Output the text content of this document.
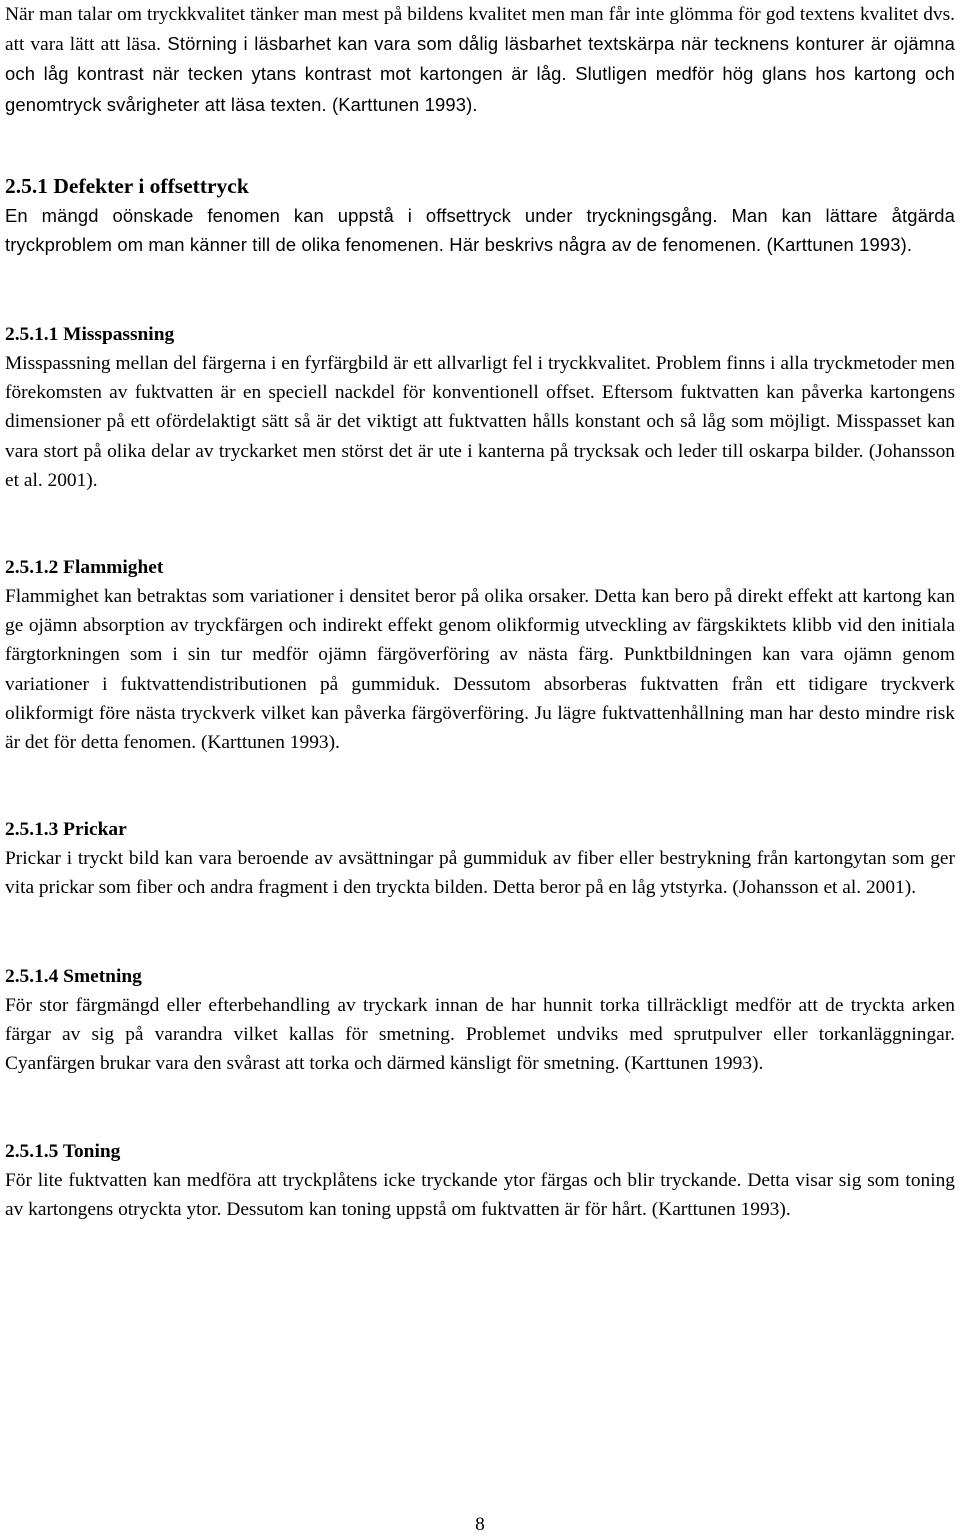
När man talar om tryckkvalitet tänker man mest på bildens kvalitet men man får inte glömma för god textens kvalitet dvs. att vara lätt att läsa. Störning i läsbarhet kan vara som dålig läsbarhet textskärpa när tecknens konturer är ojämna och låg kontrast när tecken ytans kontrast mot kartongen är låg. Slutligen medför hög glans hos kartong och genomtryck svårigheter att läsa texten. (Karttunen 1993).

2.5.1 Defekter i offsettryck

En mängd oönskade fenomen kan uppstå i offsettryck under tryckningsgång. Man kan lättare åtgärda tryckproblem om man känner till de olika fenomenen. Här beskrivs några av de fenomenen. (Karttunen 1993).

2.5.1.1 Misspassning

Misspassning mellan del färgerna i en fyrfärgbild är ett allvarligt fel i tryckkvalitet. Problem finns i alla tryckmetoder men förekomsten av fuktvatten är en speciell nackdel för konventionell offset. Eftersom fuktvatten kan påverka kartongens dimensioner på ett ofördelaktigt sätt så är det viktigt att fuktvatten hålls konstant och så låg som möjligt. Misspasset kan vara stort på olika delar av tryckarket men störst det är ute i kanterna på trycksak och leder till oskarpa bilder. (Johansson et al. 2001).

2.5.1.2 Flammighet

Flammighet kan betraktas som variationer i densitet beror på olika orsaker. Detta kan bero på direkt effekt att kartong kan ge ojämn absorption av tryckfärgen och indirekt effekt genom olikformig utveckling av färgskiktets klibb vid den initiala färgtorkningen som i sin tur medför ojämn färgöverföring av nästa färg. Punktbildningen kan vara ojämn genom variationer i fuktvattendistributionen på gummiduk. Dessutom absorberas fuktvatten från ett tidigare tryckverk olikformigt före nästa tryckverk vilket kan påverka färgöverföring. Ju lägre fuktvattenhållning man har desto mindre risk är det för detta fenomen. (Karttunen 1993).

2.5.1.3 Prickar

Prickar i tryckt bild kan vara beroende av avsättningar på gummiduk av fiber eller bestrykning från kartongytan som ger vita prickar som fiber och andra fragment i den tryckta bilden. Detta beror på en låg ytstyrka. (Johansson et al. 2001).

2.5.1.4 Smetning

För stor färgmängd eller efterbehandling av tryckark innan de har hunnit torka tillräckligt medför att de tryckta arken färgar av sig på varandra vilket kallas för smetning. Problemet undviks med sprutpulver eller torkanläggningar. Cyanfärgen brukar vara den svårast att torka och därmed känsligt för smetning. (Karttunen 1993).

2.5.1.5 Toning

För lite fuktvatten kan medföra att tryckplåtens icke tryckande ytor färgas och blir tryckande. Detta visar sig som toning av kartongens otryckta ytor. Dessutom kan toning uppstå om fuktvatten är för hårt. (Karttunen 1993).

8
